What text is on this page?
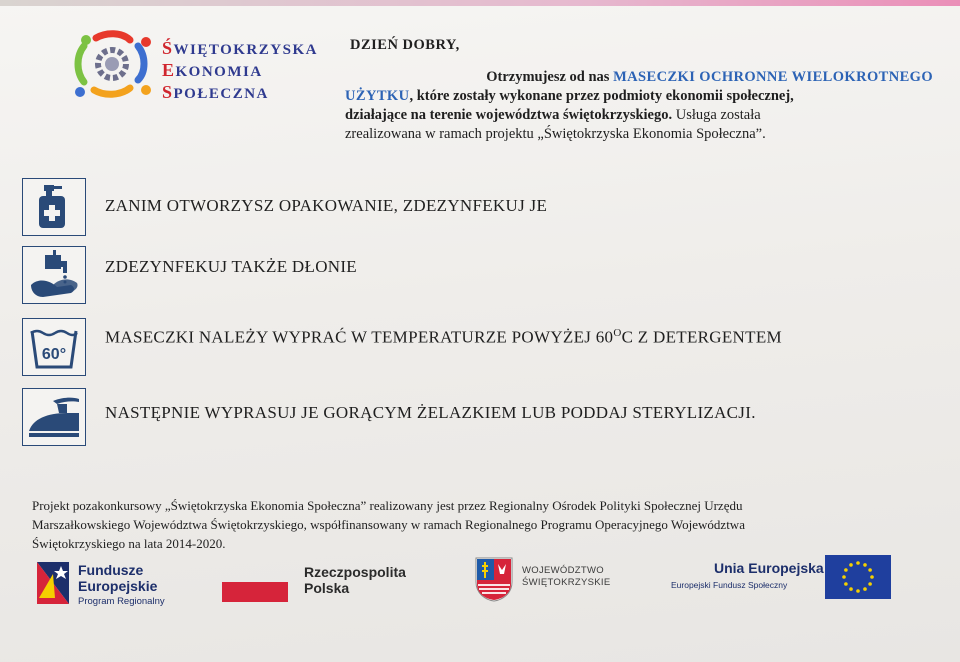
ŚWIĘTOKRZYSKA
EKONOMIA
SPOŁECZNA
DZIEŃ DOBRY,
Otrzymujesz od nas MASECZKI OCHRONNE WIELOKROTNEGO
UŻYTKU, które zostały wykonane przez podmioty ekonomii społecznej,
działające na terenie województwa świętokrzyskiego. Usługa została
zrealizowana w ramach projektu „Świętokrzyska Ekonomia Społeczna”.
ZANIM OTWORZYSZ OPAKOWANIE, ZDEZYNFEKUJ JE
ZDEZYNFEKUJ TAKŻE DŁONIE
60°
MASECZKI NALEŻY WYPRAĆ W TEMPERATURZE POWYŻEJ $60^OC$ Z DETERGENTEM
NASTĘPNIE WYPRASUJ JE GORĄCYM ŻELAZKIEM LUB PODDAJ STERYLIZACJI.
Projekt pozakonkursowy „Świętokrzyska Ekonomia Społeczna” realizowany jest przez Regionalny Ośrodek Polityki Społecznej Urzędu
Marszałkowskiego Województwa Świętokrzyskiego, współfinansowany w ramach Regionalnego Programu Operacyjnego Województwa
Świętokrzyskiego na lata 2014-2020.
Fundusze
Europejskie
Program Regionalny
Rzeczpospolita
Polska
WOJEWÓDZTWO
ŚWIĘTOKRZYSKIE
Unia Europejska
Europejski Fundusz Społeczny
